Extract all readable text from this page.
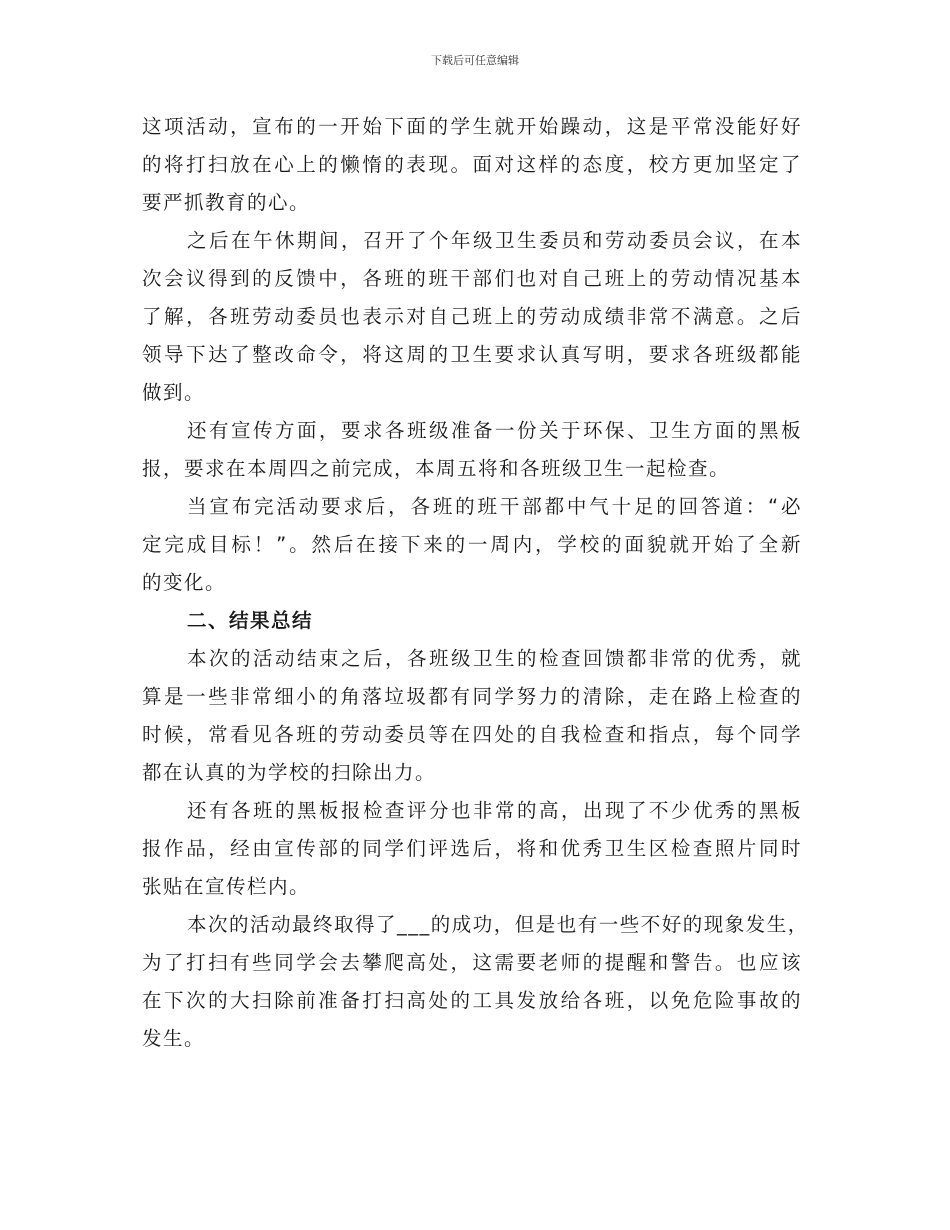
下载后可任意编辑
这项活动，宣布的一开始下面的学生就开始躁动，这是平常没能好好
的将打扫放在心上的懒惰的表现。面对这样的态度，校方更加坚定了
要严抓教育的心。
之后在午休期间，召开了个年级卫生委员和劳动委员会议，在本
次会议得到的反馈中，各班的班干部们也对自己班上的劳动情况基本
了解，各班劳动委员也表示对自己班上的劳动成绩非常不满意。之后
领导下达了整改命令，将这周的卫生要求认真写明，要求各班级都能
做到。
还有宣传方面，要求各班级准备一份关于环保、卫生方面的黑板
报，要求在本周四之前完成，本周五将和各班级卫生一起检查。
当宣布完活动要求后，各班的班干部都中气十足的回答道：“必
定完成目标！”。然后在接下来的一周内，学校的面貌就开始了全新
的变化。
二、结果总结
本次的活动结束之后，各班级卫生的检查回馈都非常的优秀，就
算是一些非常细小的角落垃圾都有同学努力的清除，走在路上检查的
时候，常看见各班的劳动委员等在四处的自我检查和指点，每个同学
都在认真的为学校的扫除出力。
还有各班的黑板报检查评分也非常的高，出现了不少优秀的黑板
报作品，经由宣传部的同学们评选后，将和优秀卫生区检查照片同时
张贴在宣传栏内。
本次的活动最终取得了___的成功，但是也有一些不好的现象发生，
为了打扫有些同学会去攀爬高处，这需要老师的提醒和警告。也应该
在下次的大扫除前准备打扫高处的工具发放给各班，以免危险事故的
发生。
